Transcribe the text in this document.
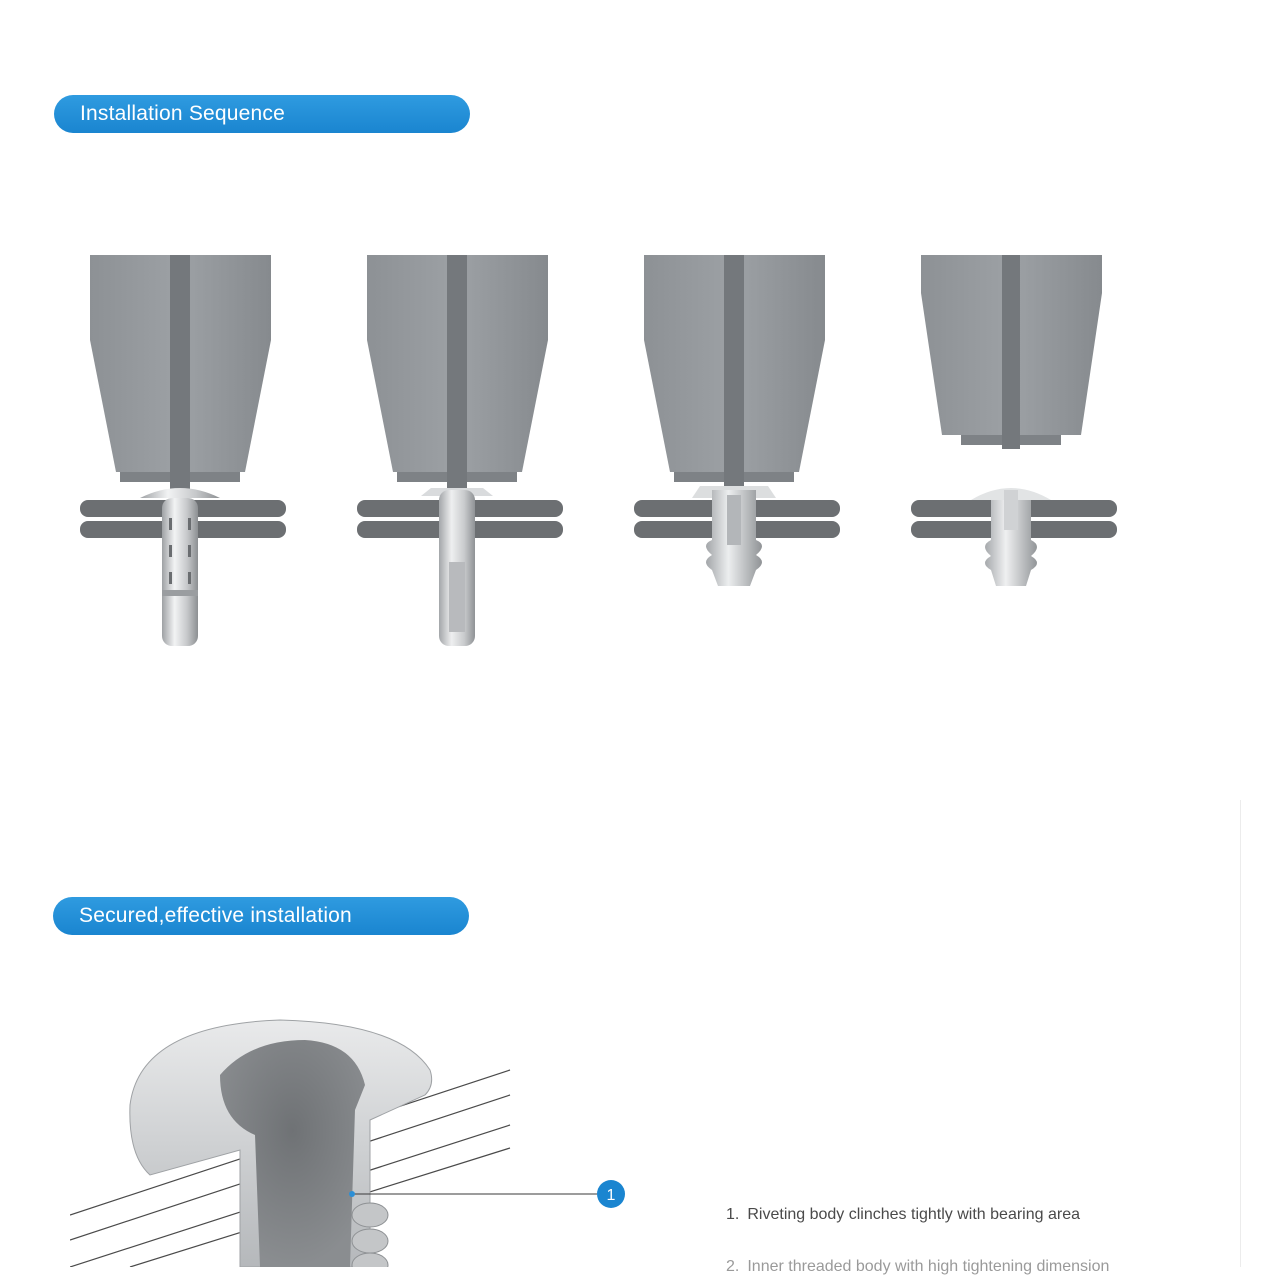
Installation Sequence
Secured,effective installation
1
1. Riveting body clinches tightly with bearing area
2. Inner threaded body with high tightening dimension
